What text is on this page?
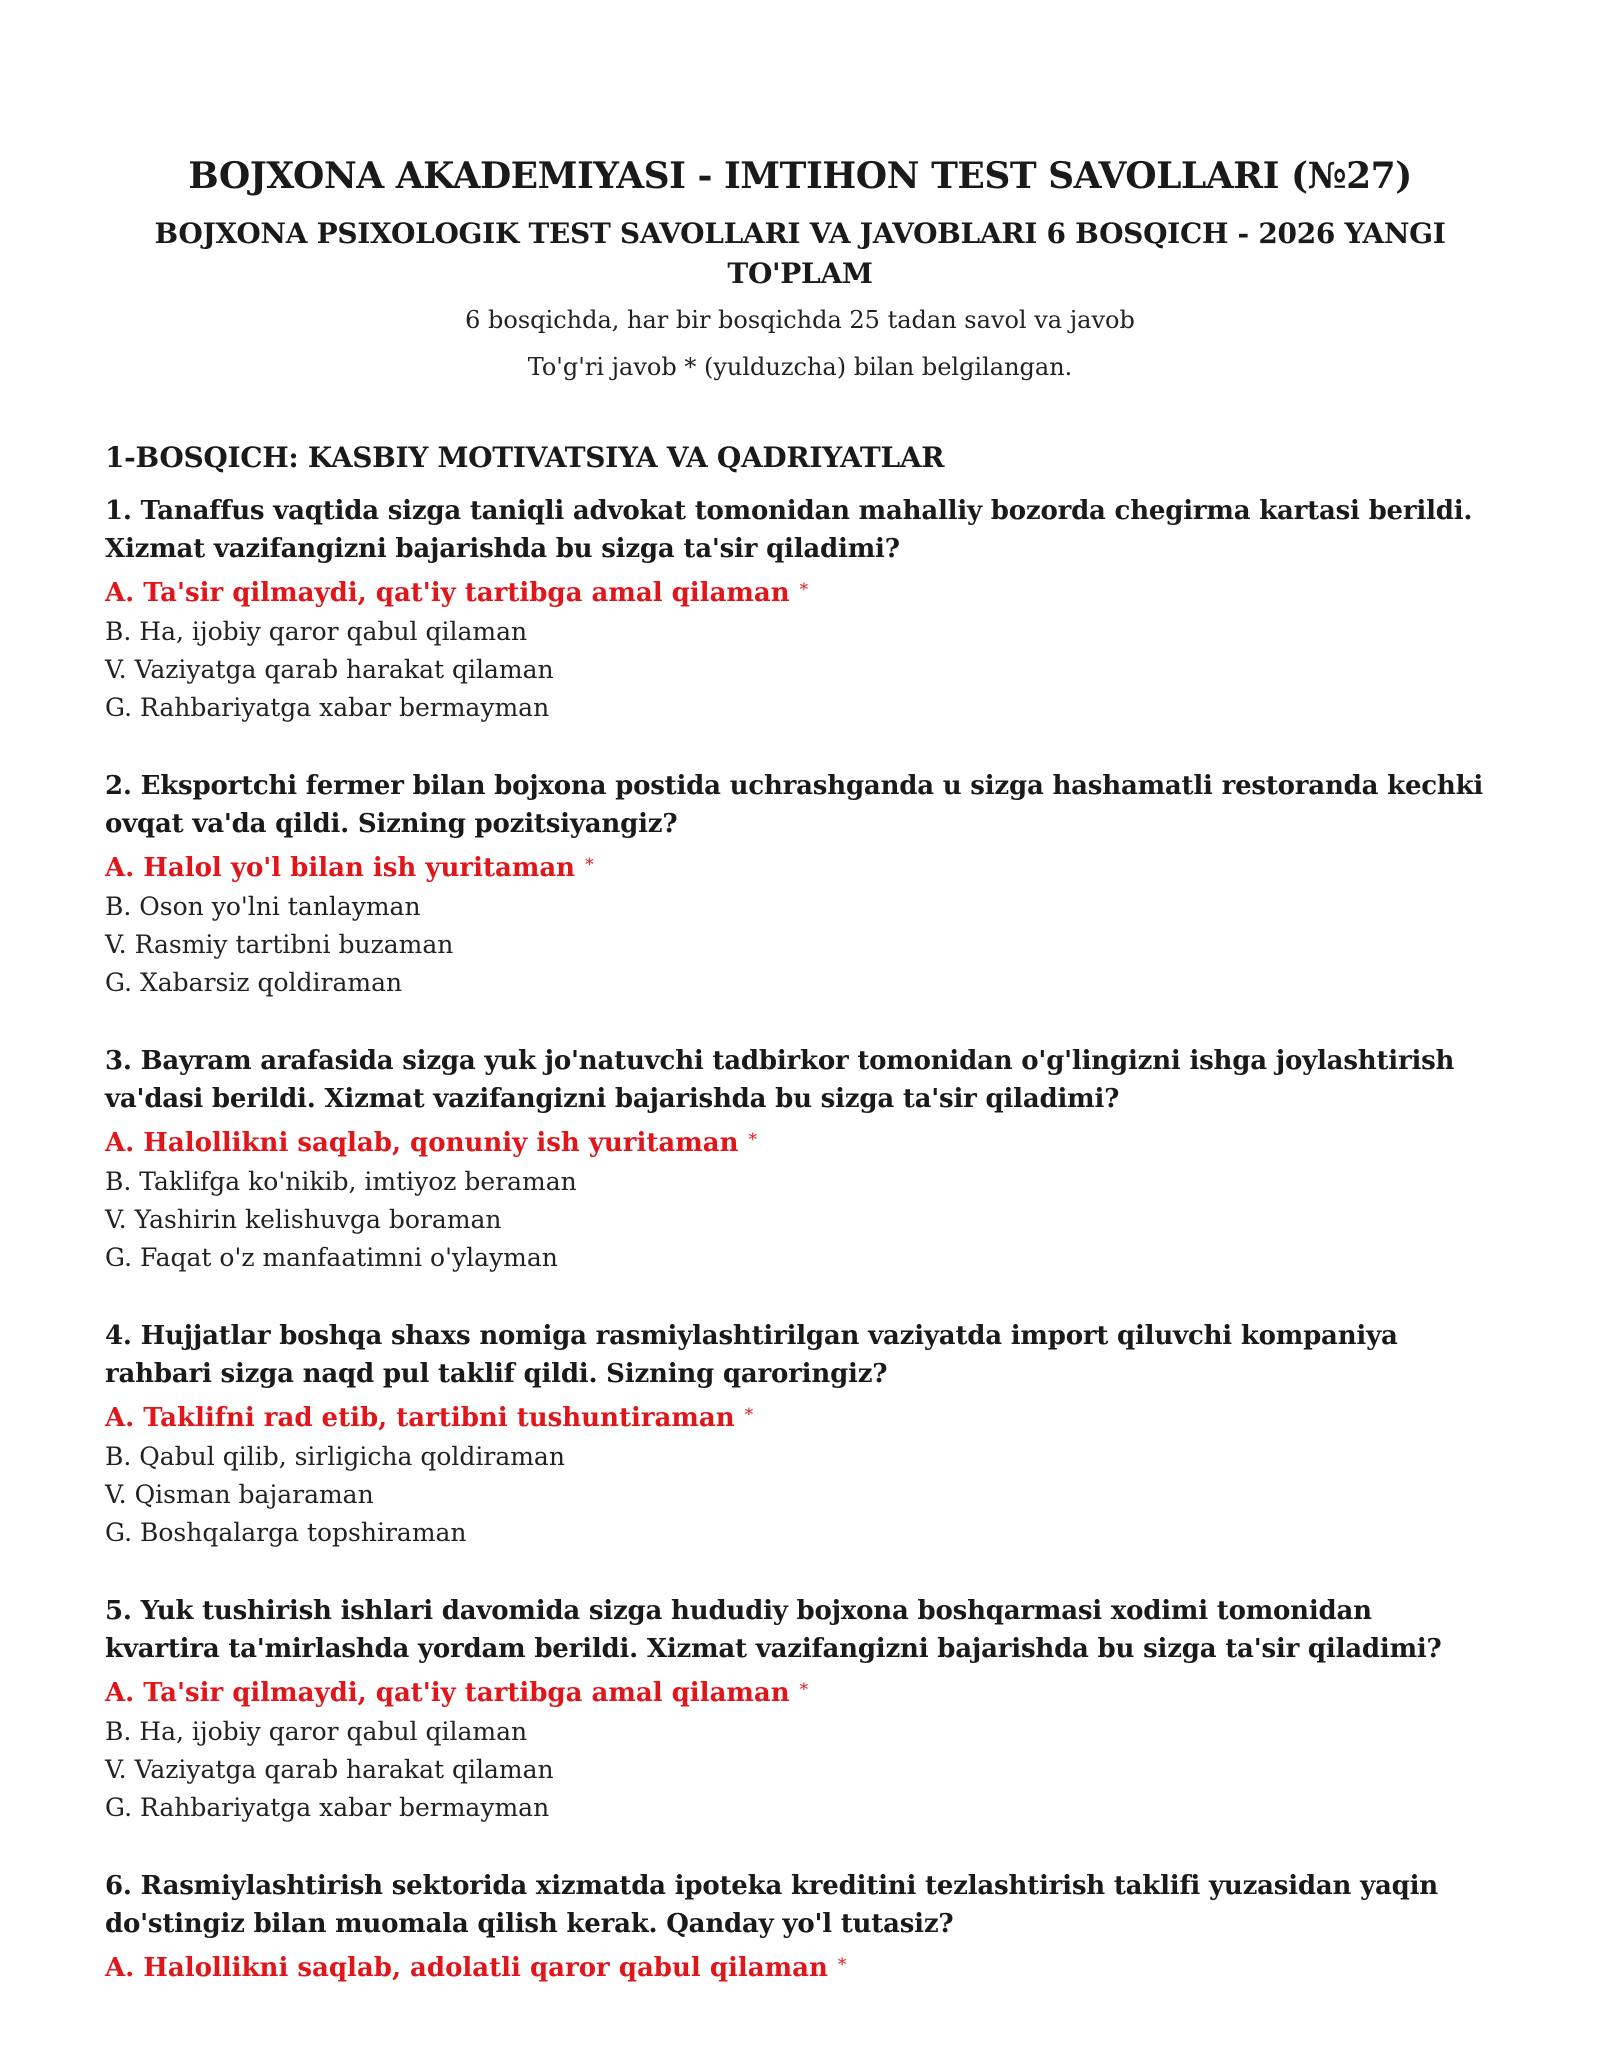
BOJXONA AKADEMIYASI - IMTIHON TEST SAVOLLARI (№27)
BOJXONA PSIXOLOGIK TEST SAVOLLARI VA JAVOBLARI 6 BOSQICH - 2026 YANGI TO'PLAM

6 bosqichda, har bir bosqichda 25 tadan savol va javob

To'g'ri javob * (yulduzcha) bilan belgilangan.

1-BOSQICH: KASBIY MOTIVATSIYA VA QADRIYATLAR

1. Tanaffus vaqtida sizga taniqli advokat tomonidan mahalliy bozorda chegirma kartasi berildi. Xizmat vazifangizni bajarishda bu sizga ta'sir qiladimi?

A. Ta'sir qilmaydi, qat'iy tartibga amal qilaman *
B. Ha, ijobiy qaror qabul qilaman
V. Vaziyatga qarab harakat qilaman
G. Rahbariyatga xabar bermayman

2. Eksportchi fermer bilan bojxona postida uchrashganda u sizga hashamatli restoranda kechki ovqat va'da qildi. Sizning pozitsiyangiz?

A. Halol yo'l bilan ish yuritaman *
B. Oson yo'lni tanlayman
V. Rasmiy tartibni buzaman
G. Xabarsiz qoldiraman

3. Bayram arafasida sizga yuk jo'natuvchi tadbirkor tomonidan o'g'lingizni ishga joylashtirish va'dasi berildi. Xizmat vazifangizni bajarishda bu sizga ta'sir qiladimi?

A. Halollikni saqlab, qonuniy ish yuritaman *
B. Taklifga ko'nikib, imtiyoz beraman
V. Yashirin kelishuvga boraman
G. Faqat o'z manfaatimni o'ylayman

4. Hujjatlar boshqa shaxs nomiga rasmiylashtirilgan vaziyatda import qiluvchi kompaniya rahbari sizga naqd pul taklif qildi. Sizning qaroringiz?

A. Taklifni rad etib, tartibni tushuntiraman *
B. Qabul qilib, sirligicha qoldiraman
V. Qisman bajaraman
G. Boshqalarga topshiraman

5. Yuk tushirish ishlari davomida sizga hududiy bojxona boshqarmasi xodimi tomonidan kvartira ta'mirlashda yordam berildi. Xizmat vazifangizni bajarishda bu sizga ta'sir qiladimi?

A. Ta'sir qilmaydi, qat'iy tartibga amal qilaman *
B. Ha, ijobiy qaror qabul qilaman
V. Vaziyatga qarab harakat qilaman
G. Rahbariyatga xabar bermayman

6. Rasmiylashtirish sektorida xizmatda ipoteka kreditini tezlashtirish taklifi yuzasidan yaqin do'stingiz bilan muomala qilish kerak. Qanday yo'l tutasiz?

A. Halollikni saqlab, adolatli qaror qabul qilaman *
